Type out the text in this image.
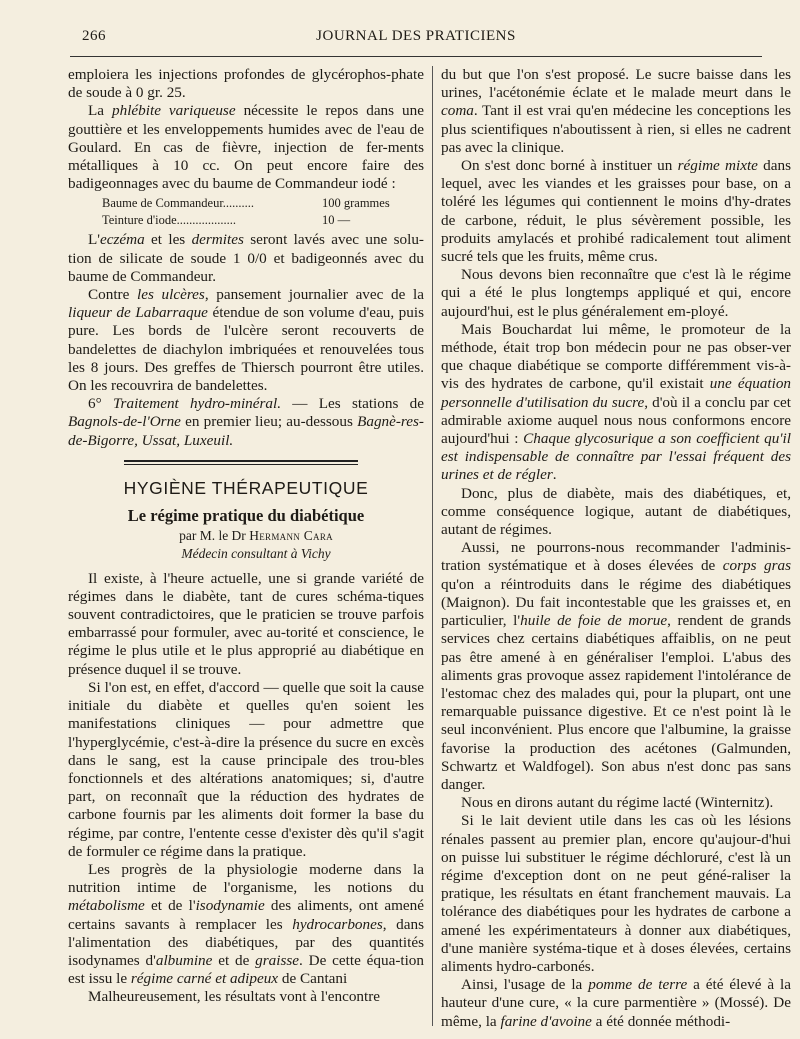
266	JOURNAL DES PRATICIENS

emploiera les injections profondes de glycérophos-phate de soude à 0 gr. 25.

La phlébite variqueuse nécessite le repos dans une gouttière et les enveloppements humides avec de l'eau de Goulard. En cas de fièvre, injection de fer-ments métalliques à 10 cc. On peut encore faire des badigeonnages avec du baume de Commandeur iodé :

Baume de Commandeur..........	100 grammes
Teinture d'iode...................	10 —

L'eczéma et les dermites seront lavés avec une solu-tion de silicate de soude 1 0/0 et badigeonnés avec du baume de Commandeur.

Contre les ulcères, pansement journalier avec de la liqueur de Labarraque étendue de son volume d'eau, puis pure. Les bords de l'ulcère seront recouverts de bandelettes de diachylon imbriquées et renouvelées tous les 8 jours. Des greffes de Thiersch pourront être utiles. On les recouvrira de bandelettes.

6° Traitement hydro-minéral. — Les stations de Bagnols-de-l'Orne en premier lieu; au-dessous Bagnè-res-de-Bigorre, Ussat, Luxeuil.

HYGIÈNE THÉRAPEUTIQUE
Le régime pratique du diabétique

par M. le Dr Hermann Cara

Médecin consultant à Vichy

Il existe, à l'heure actuelle, une si grande variété de régimes dans le diabète, tant de cures schéma-tiques souvent contradictoires, que le praticien se trouve parfois embarrassé pour formuler, avec au-torité et conscience, le régime le plus utile et le plus approprié au diabétique en présence duquel il se trouve.

Si l'on est, en effet, d'accord — quelle que soit la cause initiale du diabète et quelles qu'en soient les manifestations cliniques — pour admettre que l'hyperglycémie, c'est-à-dire la présence du sucre en excès dans le sang, est la cause principale des trou-bles fonctionnels et des altérations anatomiques; si, d'autre part, on reconnaît que la réduction des hydrates de carbone fournis par les aliments doit former la base du régime, par contre, l'entente cesse d'exister dès qu'il s'agit de formuler ce régime dans la pratique.

Les progrès de la physiologie moderne dans la nutrition intime de l'organisme, les notions du métabolisme et de l'isodynamie des aliments, ont amené certains savants à remplacer les hydrocarbones, dans l'alimentation des diabétiques, par des quantités isodynames d'albumine et de graisse. De cette équa-tion est issu le régime carné et adipeux de Cantani

Malheureusement, les résultats vont à l'encontre

du but que l'on s'est proposé. Le sucre baisse dans les urines, l'acétonémie éclate et le malade meurt dans le coma. Tant il est vrai qu'en médecine les conceptions les plus scientifiques n'aboutissent à rien, si elles ne cadrent pas avec la clinique.

On s'est donc borné à instituer un régime mixte dans lequel, avec les viandes et les graisses pour base, on a toléré les légumes qui contiennent le moins d'hy-drates de carbone, réduit, le plus sévèrement possible, les produits amylacés et prohibé radicalement tout aliment sucré tels que les fruits, même crus.

Nous devons bien reconnaître que c'est là le régime qui a été le plus longtemps appliqué et qui, encore aujourd'hui, est le plus généralement em-ployé.

Mais Bouchardat lui même, le promoteur de la méthode, était trop bon médecin pour ne pas obser-ver que chaque diabétique se comporte différemment vis-à-vis des hydrates de carbone, qu'il existait une équation personnelle d'utilisation du sucre, d'où il a conclu par cet admirable axiome auquel nous nous conformons encore aujourd'hui : Chaque glycosurique a son coefficient qu'il est indispensable de connaître par l'essai fréquent des urines et de régler.

Donc, plus de diabète, mais des diabétiques, et, comme conséquence logique, autant de diabétiques, autant de régimes.

Aussi, ne pourrons-nous recommander l'adminis-tration systématique et à doses élevées de corps gras qu'on a réintroduits dans le régime des diabétiques (Maignon). Du fait incontestable que les graisses et, en particulier, l'huile de foie de morue, rendent de grands services chez certains diabétiques affaiblis, on ne peut pas être amené à en généraliser l'emploi. L'abus des aliments gras provoque assez rapidement l'intolérance de l'estomac chez des malades qui, pour la plupart, ont une remarquable puissance digestive. Et ce n'est point là le seul inconvénient. Plus encore que l'albumine, la graisse favorise la production des acétones (Galmunden, Schwartz et Waldfogel). Son abus n'est donc pas sans danger.

Nous en dirons autant du régime lacté (Winternitz).

Si le lait devient utile dans les cas où les lésions rénales passent au premier plan, encore qu'aujour-d'hui on puisse lui substituer le régime déchloruré, c'est là un régime d'exception dont on ne peut géné-raliser la pratique, les résultats en étant franchement mauvais. La tolérance des diabétiques pour les hydrates de carbone a amené les expérimentateurs à donner aux diabétiques, d'une manière systéma-tique et à doses élevées, certains aliments hydro-carbonés.

Ainsi, l'usage de la pomme de terre a été élevé à la hauteur d'une cure, « la cure parmentière » (Mossé). De même, la farine d'avoine a été donnée méthodi-
